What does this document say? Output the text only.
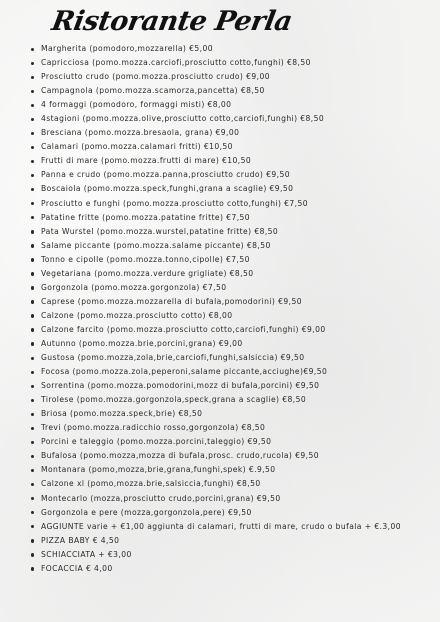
Ristorante Perla
Margherita (pomodoro,mozzarella) €5,00
Capricciosa (pomo.mozza.carciofi,prosciutto cotto,funghi) €8,50
Prosciutto crudo (pomo.mozza.prosciutto crudo) €9,00
Campagnola (pomo.mozza.scamorza,pancetta) €8,50
4 formaggi (pomodoro, formaggi misti) €8,00
4stagioni (pomo.mozza.olive,prosciutto cotto,carciofi,funghi) €8,50
Bresciana (pomo.mozza.bresaola, grana) €9,00
Calamari (pomo.mozza.calamari fritti) €10,50
Frutti di mare (pomo.mozza.frutti di mare) €10,50
Panna e crudo (pomo.mozza.panna,prosciutto crudo) €9,50
Boscaiola (pomo.mozza.speck,funghi,grana a scaglie) €9,50
Prosciutto e funghi (pomo.mozza.prosciutto cotto,funghi) €7,50
Patatine fritte (pomo.mozza.patatine fritte) €7,50
Pata Wurstel (pomo.mozza.wurstel,patatine fritte) €8,50
Salame piccante (pomo.mozza.salame piccante) €8,50
Tonno e cipolle (pomo.mozza.tonno,cipolle) €7,50
Vegetariana (pomo.mozza.verdure grigliate) €8,50
Gorgonzola (pomo.mozza.gorgonzola) €7,50
Caprese (pomo.mozza.mozzarella di bufala,pomodorini) €9,50
Calzone (pomo.mozza.prosciutto cotto) €8,00
Calzone farcito (pomo.mozza.prosciutto cotto,carciofi,funghi) €9,00
Autunno (pomo.mozza.brie,porcini,grana) €9,00
Gustosa (pomo.mozza,zola,brie,carciofi,funghi,salsiccia) €9,50
Focosa (pomo.mozza.zola,peperoni,salame piccante,acciughe)€9,50
Sorrentina (pomo.mozza.pomodorini,mozz di bufala,porcini) €9,50
Tirolese (pomo.mozza.gorgonzola,speck,grana a scaglie) €8,50
Briosa (pomo.mozza.speck,brie) €8,50
Trevi (pomo.mozza.radicchio rosso,gorgonzola) €8,50
Porcini e taleggio (pomo.mozza.porcini,taleggio) €9,50
Bufalosa (pomo.mozza,mozza di bufala,prosc. crudo,rucola) €9,50
Montanara (pomo,mozza,brie,grana,funghi,spek) €.9,50
Calzone xl (pomo,mozza.brie,salsiccia,funghi) €8,50
Montecarlo (mozza,prosciutto crudo,porcini,grana) €9,50
Gorgonzola e pere (mozza,gorgonzola,pere) €9,50
AGGIUNTE varie + €1,00 aggiunta di calamari, frutti di mare, crudo o bufala + €.3,00
PIZZA BABY € 4,50
SCHIACCIATA + €3,00
FOCACCIA € 4,00
